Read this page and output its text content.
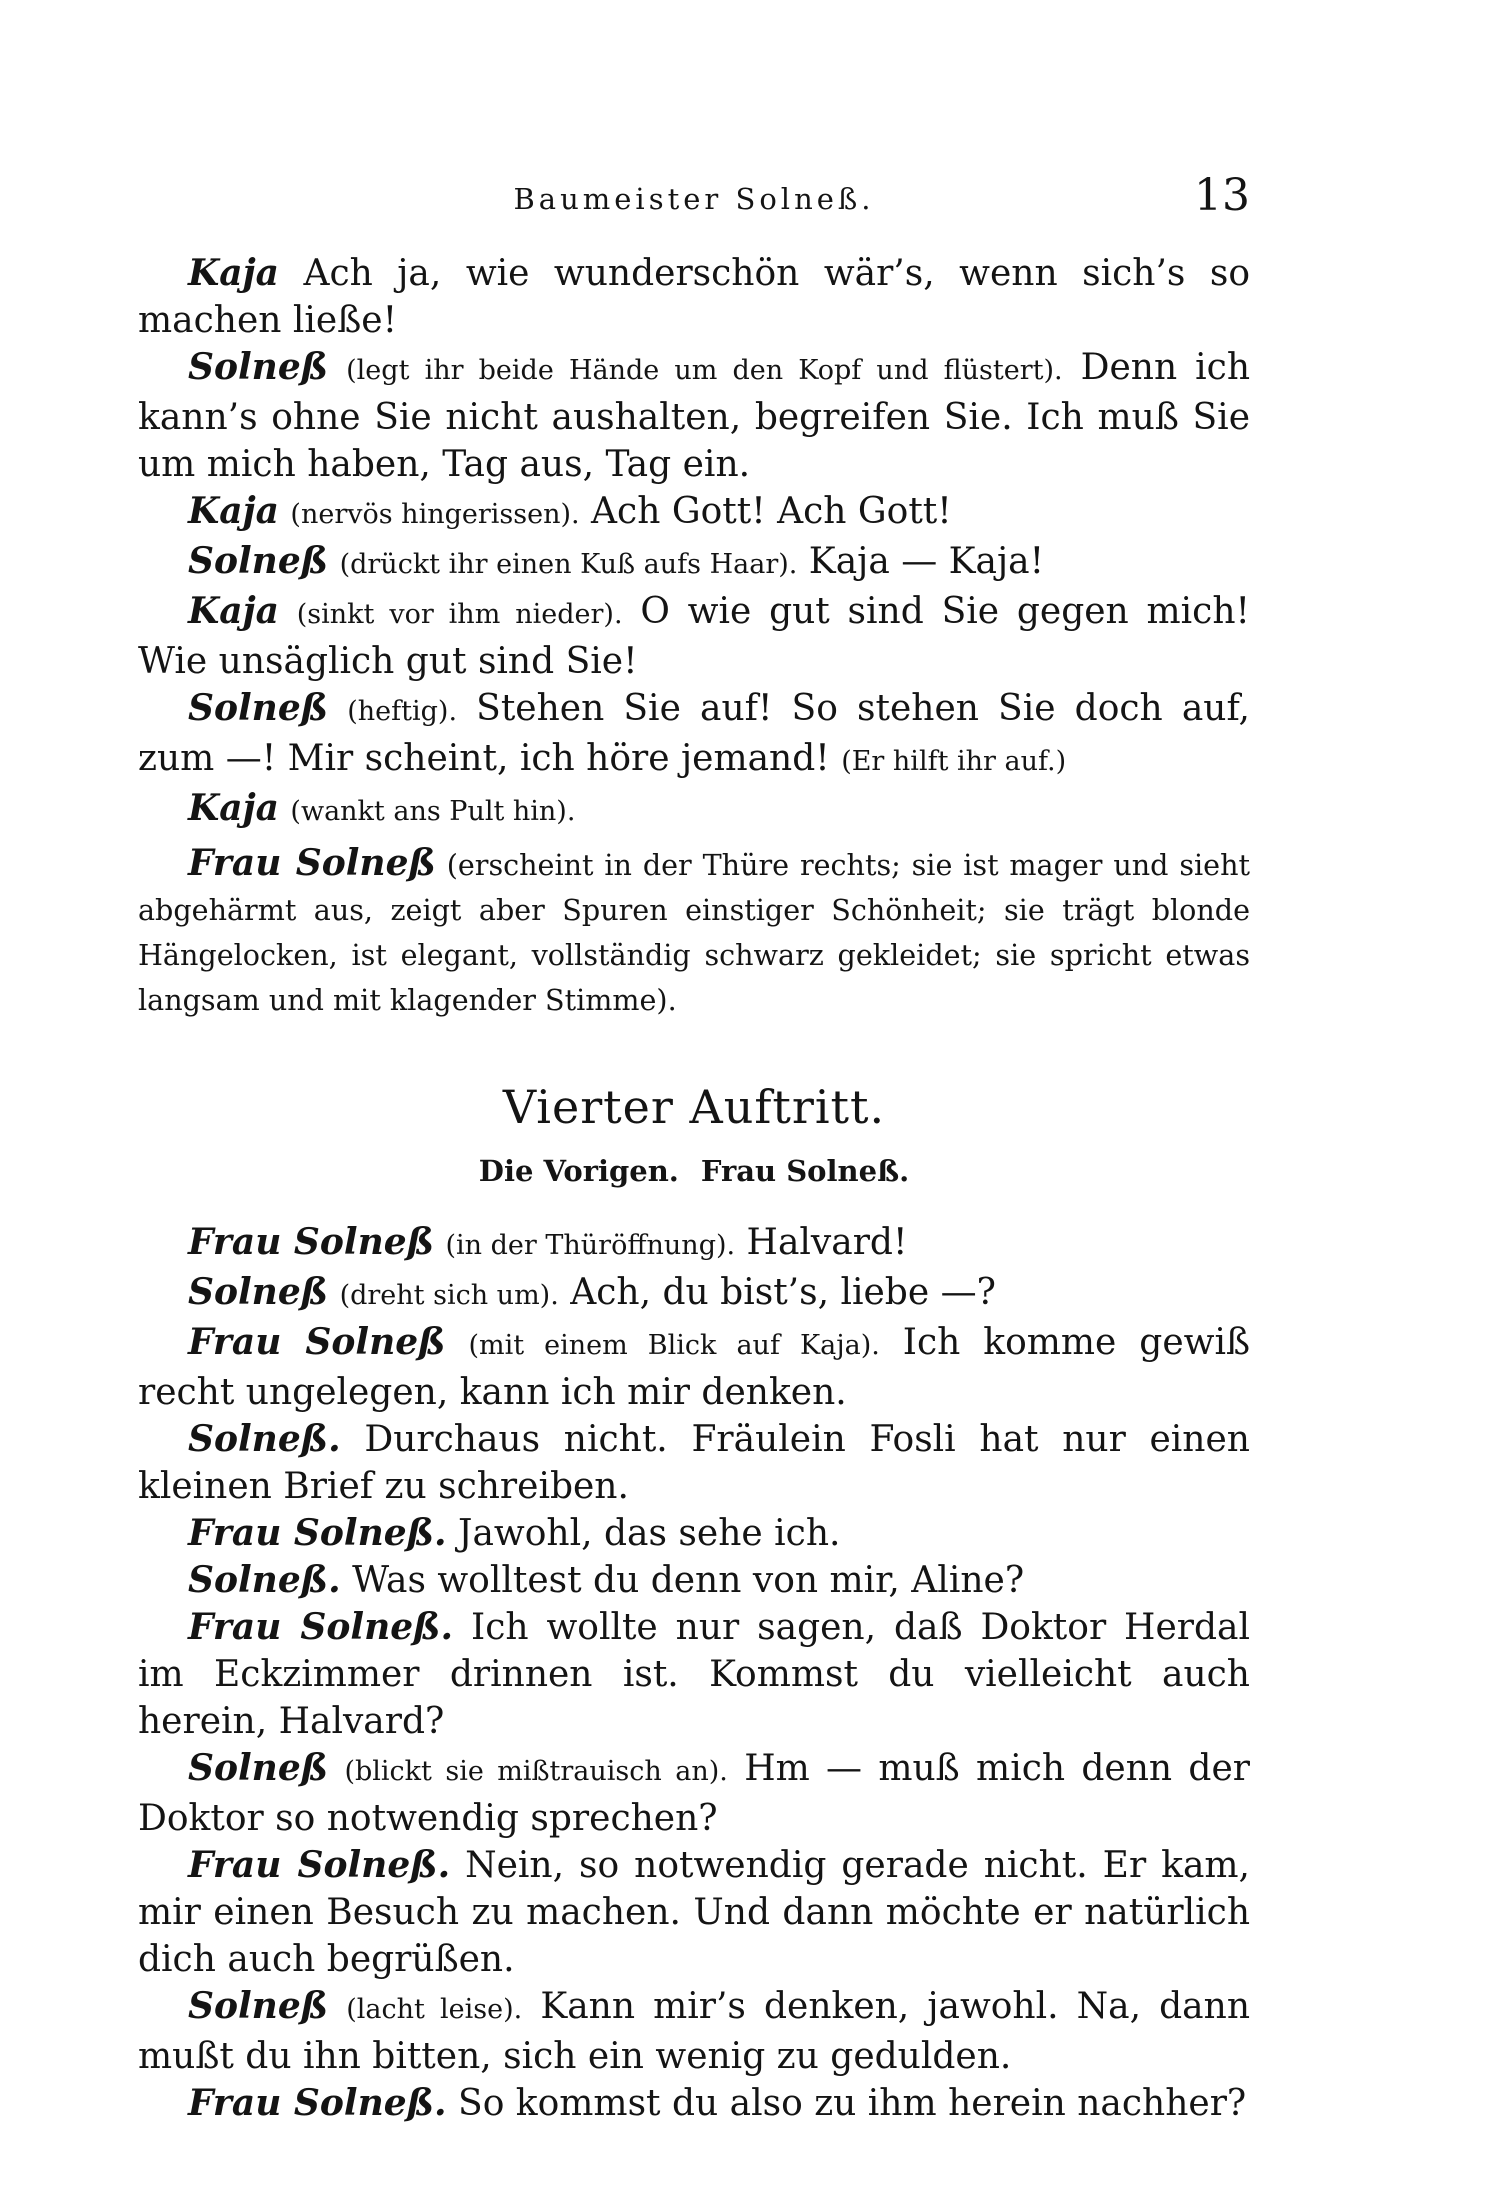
Baumeister Solneß.	13

Kaja Ach ja, wie wunderschön wär’s, wenn sich’s so machen ließe!

Solneß (legt ihr beide Hände um den Kopf und flüstert). Denn ich kann’s ohne Sie nicht aushalten, begreifen Sie. Ich muß Sie um mich haben, Tag aus, Tag ein.

Kaja (nervös hingerissen). Ach Gott! Ach Gott!

Solneß (drückt ihr einen Kuß aufs Haar). Kaja — Kaja!

Kaja (sinkt vor ihm nieder). O wie gut sind Sie gegen mich! Wie unsäglich gut sind Sie!

Solneß (heftig). Stehen Sie auf! So stehen Sie doch auf, zum —! Mir scheint, ich höre jemand! (Er hilft ihr auf.)

Kaja (wankt ans Pult hin).

Frau Solneß (erscheint in der Thüre rechts; sie ist mager und sieht abgehärmt aus, zeigt aber Spuren einstiger Schönheit; sie trägt blonde Hängelocken, ist elegant, vollständig schwarz gekleidet; sie spricht etwas langsam und mit klagender Stimme).

Vierter Auftritt.
Die Vorigen. Frau Solneß.

Frau Solneß (in der Thüröffnung). Halvard!

Solneß (dreht sich um). Ach, du bist’s, liebe —?

Frau Solneß (mit einem Blick auf Kaja). Ich komme gewiß recht ungelegen, kann ich mir denken.

Solneß. Durchaus nicht. Fräulein Fosli hat nur einen kleinen Brief zu schreiben.

Frau Solneß. Jawohl, das sehe ich.

Solneß. Was wolltest du denn von mir, Aline?

Frau Solneß. Ich wollte nur sagen, daß Doktor Herdal im Eckzimmer drinnen ist. Kommst du vielleicht auch herein, Halvard?

Solneß (blickt sie mißtrauisch an). Hm — muß mich denn der Doktor so notwendig sprechen?

Frau Solneß. Nein, so notwendig gerade nicht. Er kam, mir einen Besuch zu machen. Und dann möchte er natürlich dich auch begrüßen.

Solneß (lacht leise). Kann mir’s denken, jawohl. Na, dann mußt du ihn bitten, sich ein wenig zu gedulden.

Frau Solneß. So kommst du also zu ihm herein nachher?
